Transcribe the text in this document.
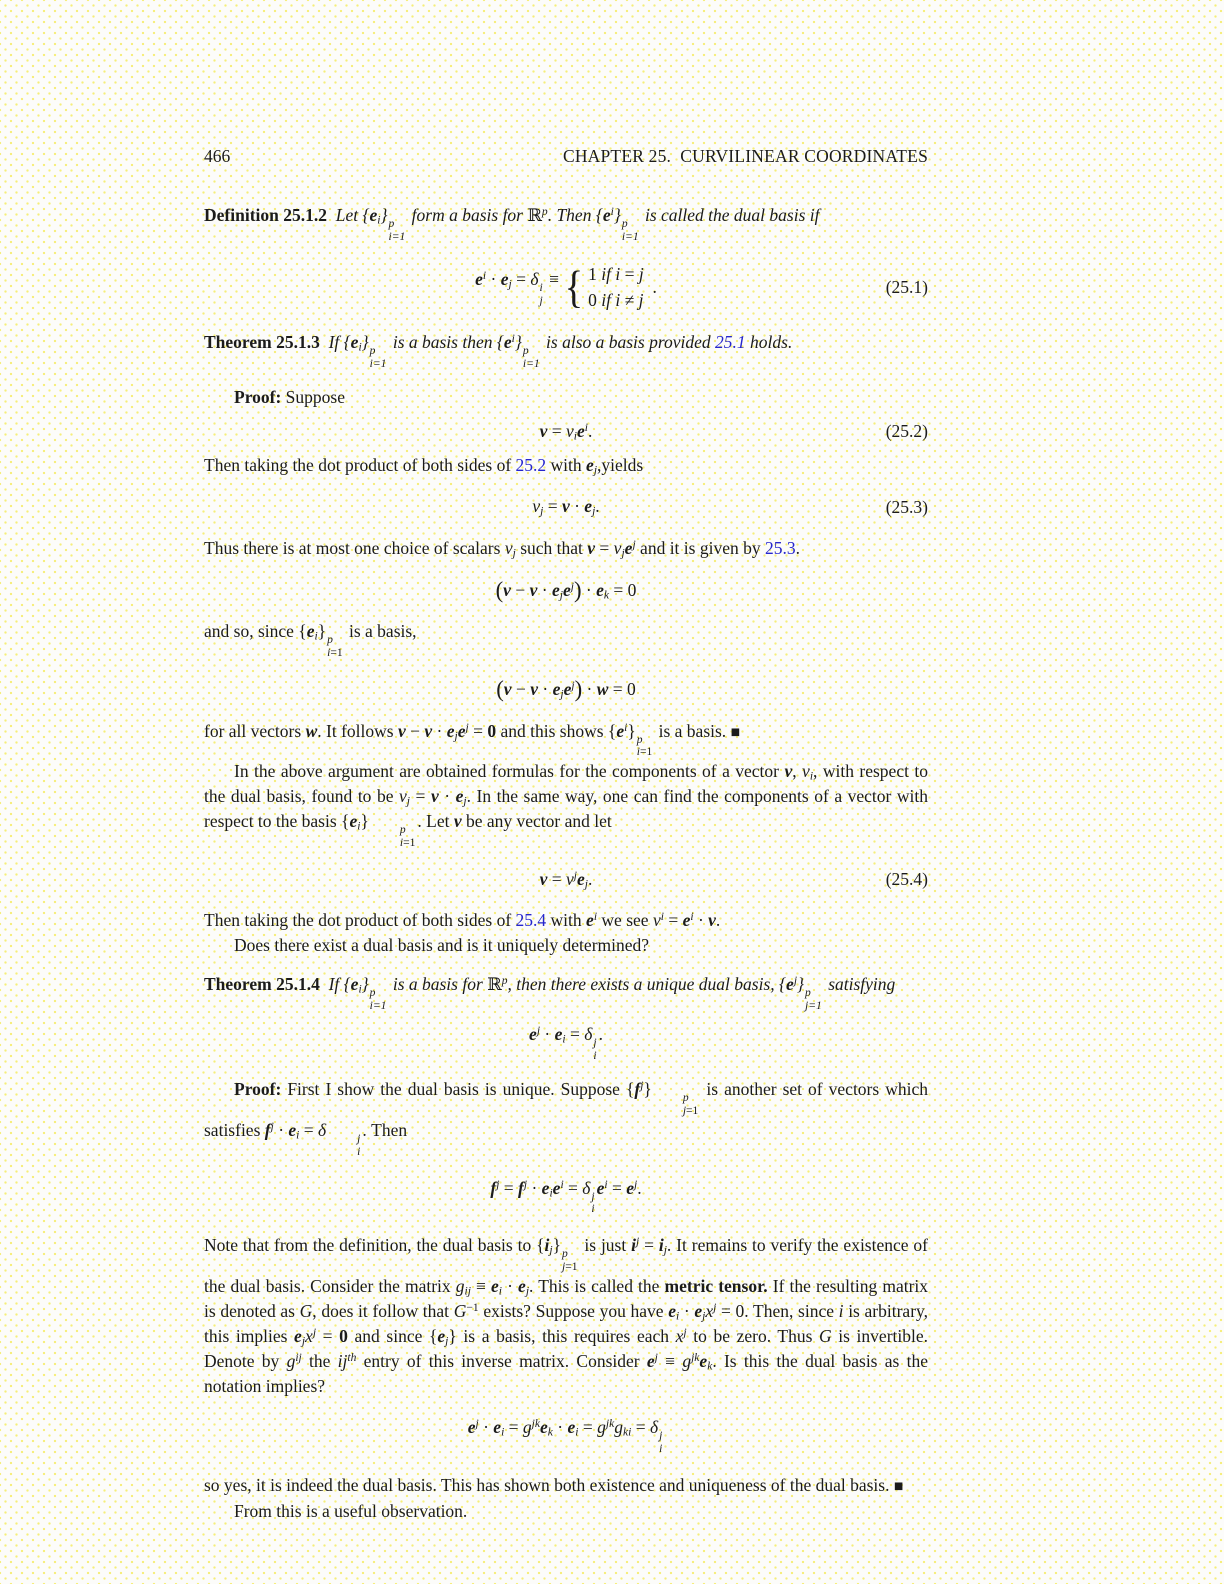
466	CHAPTER 25.  CURVILINEAR COORDINATES
Definition 25.1.2 Let $\{e_i\}$ p
i=1
form a basis for ℝ$^p$. Then $\{e^i\}$ p
i=1
is called the dual basis if
$e^i \cdot e_j = \delta$ i
j
≡ { 1 if i = j
0 if i ≠ j
.	(25.1)
Theorem 25.1.3 If $\{e_i\}$ p
i=1
is a basis then $\{e^i\}$ p
i=1
is also a basis provided 25.1 holds.
Proof: Suppose
$v = v_ie^i$.	(25.2)
Then taking the dot product of both sides of 25.2 with $e_j,yields$
$v_j = v \cdot e_j$.	(25.3)
Thus there is at most one choice of scalars $v_j$ such that $v = v_je^j$ and it is given by 25.3.
$(v - v \cdot e_je^j) \cdot e_k = 0$
and so, since $\{e_i\}$ p
i=1
is a basis,
$(v - v \cdot e_je^j) \cdot w = 0$
for all vectors w. It follows $v - v \cdot e_je^j = 0$ and this shows $\{e^i\}$ p
i=1
is a basis. ■
In the above argument are obtained formulas for the components of a vector v, $v_i$, with respect to the dual basis, found to be $v_j = v \cdot e_j$. In the same way, one can find the components of a vector with respect to the basis $\{e_i\}$	p
i=1
. Let v be any vector and let
$v = v^je_j$.	(25.4)
Then taking the dot product of both sides of 25.4 with $e^i$ we see $v^i = e^i \cdot v$.
Does there exist a dual basis and is it uniquely determined?
Theorem 25.1.4 If $\{e_i\}$ p
i=1
is a basis for ℝ$^p$, then there exists a unique dual basis, $\{e^j\}$ p
j=1
satisfying
$e^j \cdot e_i = \delta$ j
i
.
Proof: First I show the dual basis is unique. Suppose $\{f^j\}$	p
j=1
is another set of vectors which satisfies $f^j \cdot e_i = \delta$	j
i
. Then
$f^j = f^j \cdot e_ie^i = \delta$ j
i
$e^i = e^j$.
Note that from the definition, the dual basis to $\{i_j\}$ p
j=1
is just $i^j = i_j$. It remains to verify the existence of the dual basis. Consider the matrix $g_{ij} \equiv e_i \cdot e_j$. This is called the metric tensor. If the resulting matrix is denoted as G, does it follow that $G^{-1}$ exists? Suppose you have $e_i \cdot e_jx^j = 0$. Then, since i is arbitrary, this implies $e_jx^j = 0$ and since $\{e_j\}$ is a basis, this requires each $x^j$ to be zero. Thus G is invertible. Denote by $g^{ij}$ the $ij^{th}$ entry of this inverse matrix. Consider $e^j \equiv g^{jk}e_k$. Is this the dual basis as the notation implies?
$e^j \cdot e_i = g^{jk}e_k \cdot e_i = g^{jk}g_{ki} = \delta$ j
i
so yes, it is indeed the dual basis. This has shown both existence and uniqueness of the dual basis. ■
From this is a useful observation.
